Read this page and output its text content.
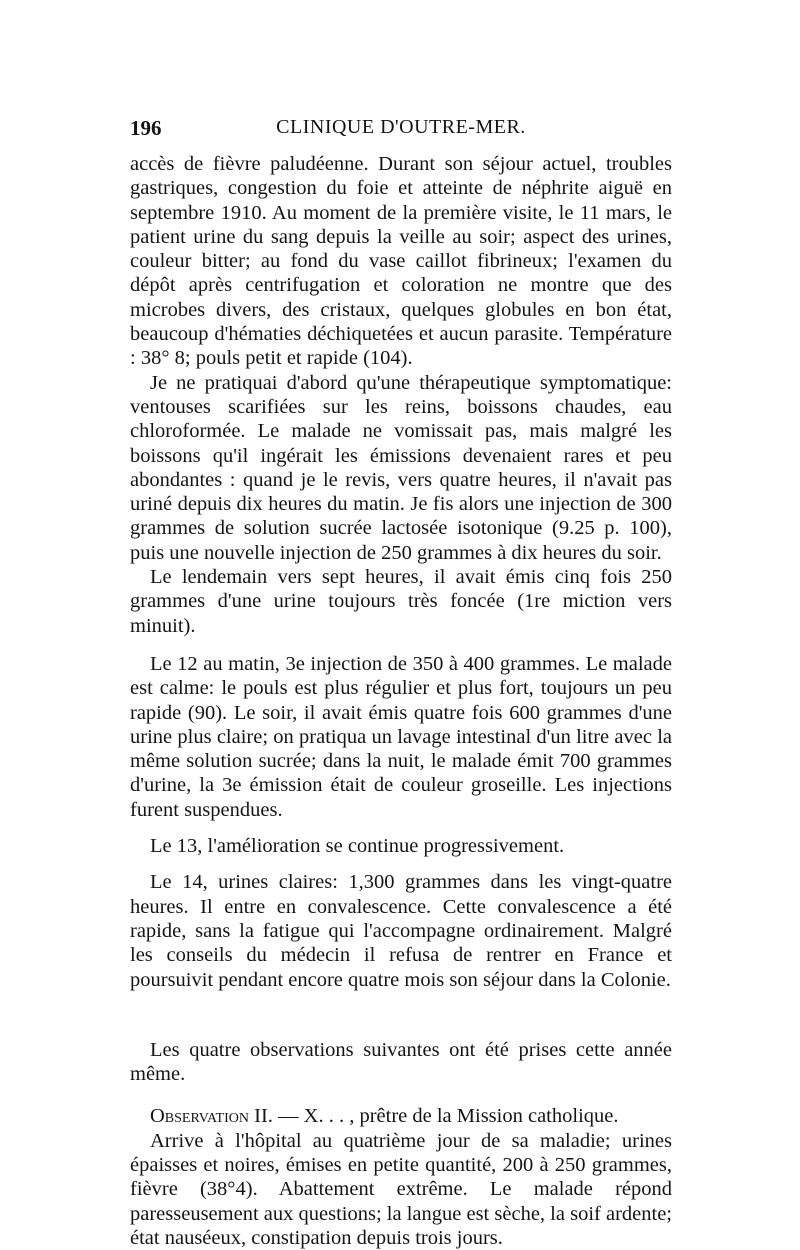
196	CLINIQUE D'OUTRE-MER.

accès de fièvre paludéenne. Durant son séjour actuel, troubles gastriques, congestion du foie et atteinte de néphrite aiguë en septembre 1910. Au moment de la première visite, le 11 mars, le patient urine du sang depuis la veille au soir; aspect des urines, couleur bitter; au fond du vase caillot fibrineux; l'examen du dépôt après centrifugation et coloration ne montre que des microbes divers, des cristaux, quelques globules en bon état, beaucoup d'hématies déchiquetées et aucun parasite. Température : 38° 8; pouls petit et rapide (104).

Je ne pratiquai d'abord qu'une thérapeutique symptomatique: ventouses scarifiées sur les reins, boissons chaudes, eau chloroformée. Le malade ne vomissait pas, mais malgré les boissons qu'il ingérait les émissions devenaient rares et peu abondantes : quand je le revis, vers quatre heures, il n'avait pas uriné depuis dix heures du matin. Je fis alors une injection de 300 grammes de solution sucrée lactosée isotonique (9.25 p. 100), puis une nouvelle injection de 250 grammes à dix heures du soir.

Le lendemain vers sept heures, il avait émis cinq fois 250 grammes d'une urine toujours très foncée (1re miction vers minuit).

Le 12 au matin, 3e injection de 350 à 400 grammes. Le malade est calme: le pouls est plus régulier et plus fort, toujours un peu rapide (90). Le soir, il avait émis quatre fois 600 grammes d'une urine plus claire; on pratiqua un lavage intestinal d'un litre avec la même solution sucrée; dans la nuit, le malade émit 700 grammes d'urine, la 3e émission était de couleur groseille. Les injections furent suspendues.

Le 13, l'amélioration se continue progressivement.

Le 14, urines claires: 1,300 grammes dans les vingt-quatre heures. Il entre en convalescence. Cette convalescence a été rapide, sans la fatigue qui l'accompagne ordinairement. Malgré les conseils du médecin il refusa de rentrer en France et poursuivit pendant encore quatre mois son séjour dans la Colonie.

Les quatre observations suivantes ont été prises cette année même.

Observation II. — X. . . , prêtre de la Mission catholique.

Arrive à l'hôpital au quatrième jour de sa maladie; urines épaisses et noires, émises en petite quantité, 200 à 250 grammes, fièvre (38°4). Abattement extrême. Le malade répond paresseusement aux questions; la langue est sèche, la soif ardente; état nauséeux, constipation depuis trois jours.
